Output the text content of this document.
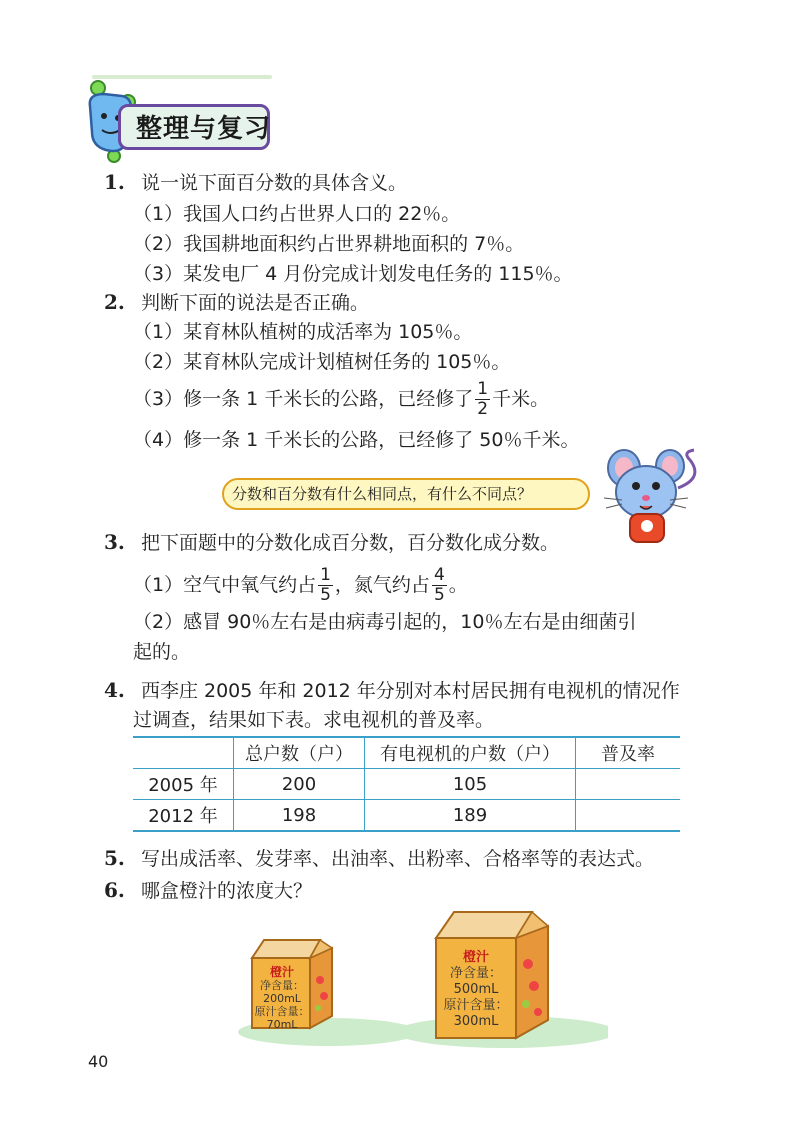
整理与复习
1. 说一说下面百分数的具体含义。
（1）我国人口约占世界人口的 22％。
（2）我国耕地面积约占世界耕地面积的 7％。
（3）某发电厂 4 月份完成计划发电任务的 115％。
2. 判断下面的说法是否正确。
（1）某育林队植树的成活率为 105％。
（2）某育林队完成计划植树任务的 105％。
（3）修一条 1 千米长的公路，已经修了 $\frac{1}{2}$ 千米。
（4）修一条 1 千米长的公路，已经修了 50％千米。
分数和百分数有什么相同点，有什么不同点？
3. 把下面题中的分数化成百分数，百分数化成分数。
（1）空气中氧气约占 $\frac{1}{5}$ ，氮气约占 $\frac{4}{5}$ 。
（2）感冒 90％左右是由病毒引起的，10％左右是由细菌引
起的。
4. 西李庄 2005 年和 2012 年分别对本村居民拥有电视机的情况作
过调查，结果如下表。求电视机的普及率。
	总户数（户）	有电视机的户数（户）	普及率
2005 年	200	105	
2012 年	198	189	
5. 写出成活率、发芽率、出油率、出粉率、合格率等的表达式。
6. 哪盒橙汁的浓度大？
橙汁
净含量：
200mL
原汁含量：
70mL
橙汁
净含量：
500mL
原汁含量：
300mL
40
